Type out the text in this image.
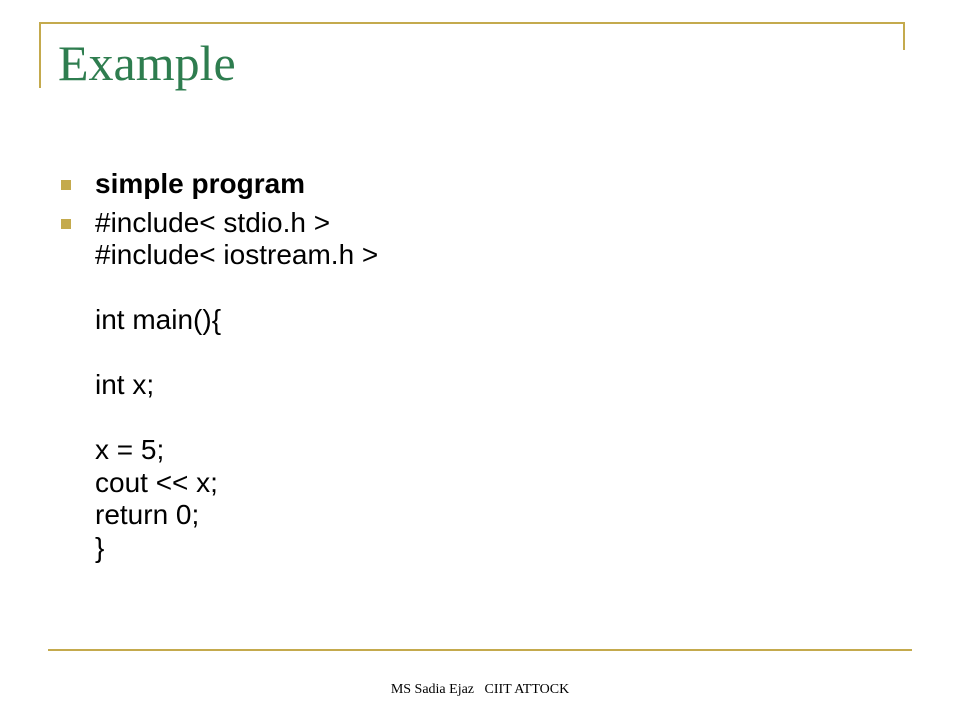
Example
simple program
#include< stdio.h >
#include< iostream.h >
int main(){
int x;
x = 5;
cout << x;
return 0;
}
MS Sadia Ejaz   CIIT ATTOCK
